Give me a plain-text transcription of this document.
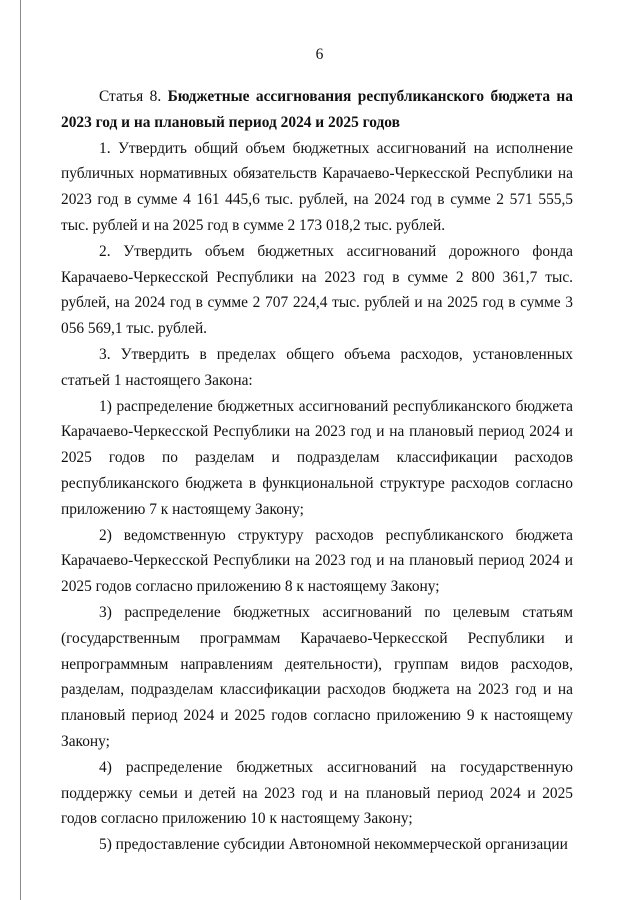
6

Статья 8. Бюджетные ассигнования республиканского бюджета на 2023 год и на плановый период 2024 и 2025 годов

1. Утвердить общий объем бюджетных ассигнований на исполнение публичных нормативных обязательств Карачаево-Черкесской Республики на 2023 год в сумме 4 161 445,6 тыс. рублей, на 2024 год в сумме 2 571 555,5 тыс. рублей и на 2025 год в сумме 2 173 018,2 тыс. рублей.

2. Утвердить объем бюджетных ассигнований дорожного фонда Карачаево-Черкесской Республики на 2023 год в сумме 2 800 361,7 тыс. рублей, на 2024 год в сумме 2 707 224,4 тыс. рублей и на 2025 год в сумме 3 056 569,1 тыс. рублей.

3. Утвердить в пределах общего объема расходов, установленных статьей 1 настоящего Закона:

1) распределение бюджетных ассигнований республиканского бюджета Карачаево-Черкесской Республики на 2023 год и на плановый период 2024 и 2025 годов по разделам и подразделам классификации расходов республиканского бюджета в функциональной структуре расходов согласно приложению 7 к настоящему Закону;

2) ведомственную структуру расходов республиканского бюджета Карачаево-Черкесской Республики на 2023 год и на плановый период 2024 и 2025 годов согласно приложению 8 к настоящему Закону;

3) распределение бюджетных ассигнований по целевым статьям (государственным программам Карачаево-Черкесской Республики и непрограммным направлениям деятельности), группам видов расходов, разделам, подразделам классификации расходов бюджета на 2023 год и на плановый период 2024 и 2025 годов согласно приложению 9 к настоящему Закону;

4) распределение бюджетных ассигнований на государственную поддержку семьи и детей на 2023 год и на плановый период 2024 и 2025 годов согласно приложению 10 к настоящему Закону;

5) предоставление субсидии Автономной некоммерческой организации
